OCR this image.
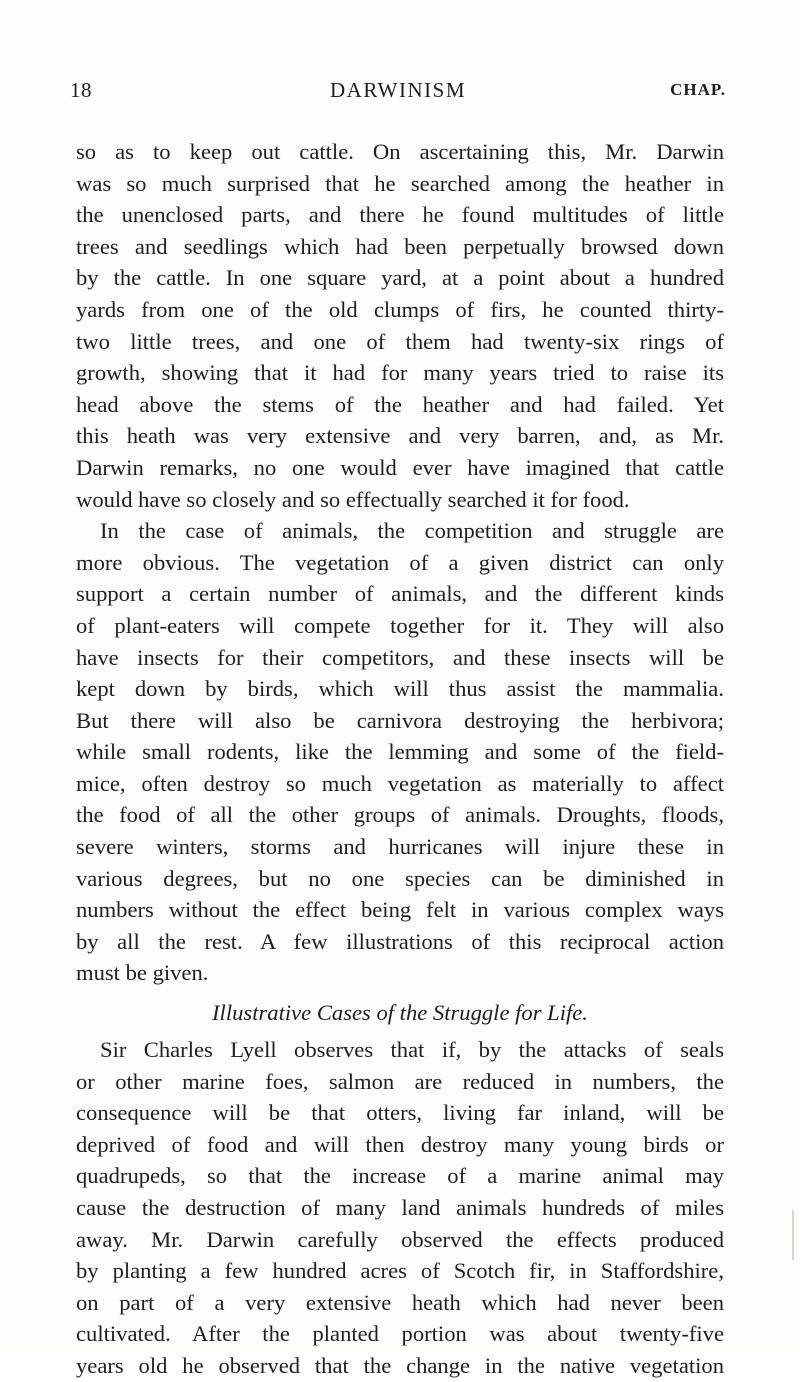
18	DARWINISM	CHAP.
so as to keep out cattle. On ascertaining this, Mr. Darwin
was so much surprised that he searched among the heather in
the unenclosed parts, and there he found multitudes of little
trees and seedlings which had been perpetually browsed down
by the cattle. In one square yard, at a point about a hundred
yards from one of the old clumps of firs, he counted thirty-
two little trees, and one of them had twenty-six rings of
growth, showing that it had for many years tried to raise its
head above the stems of the heather and had failed. Yet
this heath was very extensive and very barren, and, as Mr.
Darwin remarks, no one would ever have imagined that cattle
would have so closely and so effectually searched it for food.
In the case of animals, the competition and struggle are
more obvious. The vegetation of a given district can only
support a certain number of animals, and the different kinds
of plant-eaters will compete together for it. They will also
have insects for their competitors, and these insects will be
kept down by birds, which will thus assist the mammalia.
But there will also be carnivora destroying the herbivora;
while small rodents, like the lemming and some of the field-
mice, often destroy so much vegetation as materially to affect
the food of all the other groups of animals. Droughts, floods,
severe winters, storms and hurricanes will injure these in
various degrees, but no one species can be diminished in
numbers without the effect being felt in various complex ways
by all the rest. A few illustrations of this reciprocal action
must be given.
Illustrative Cases of the Struggle for Life.
Sir Charles Lyell observes that if, by the attacks of seals
or other marine foes, salmon are reduced in numbers, the
consequence will be that otters, living far inland, will be
deprived of food and will then destroy many young birds or
quadrupeds, so that the increase of a marine animal may
cause the destruction of many land animals hundreds of miles
away. Mr. Darwin carefully observed the effects produced
by planting a few hundred acres of Scotch fir, in Staffordshire,
on part of a very extensive heath which had never been
cultivated. After the planted portion was about twenty-five
years old he observed that the change in the native vegetation
